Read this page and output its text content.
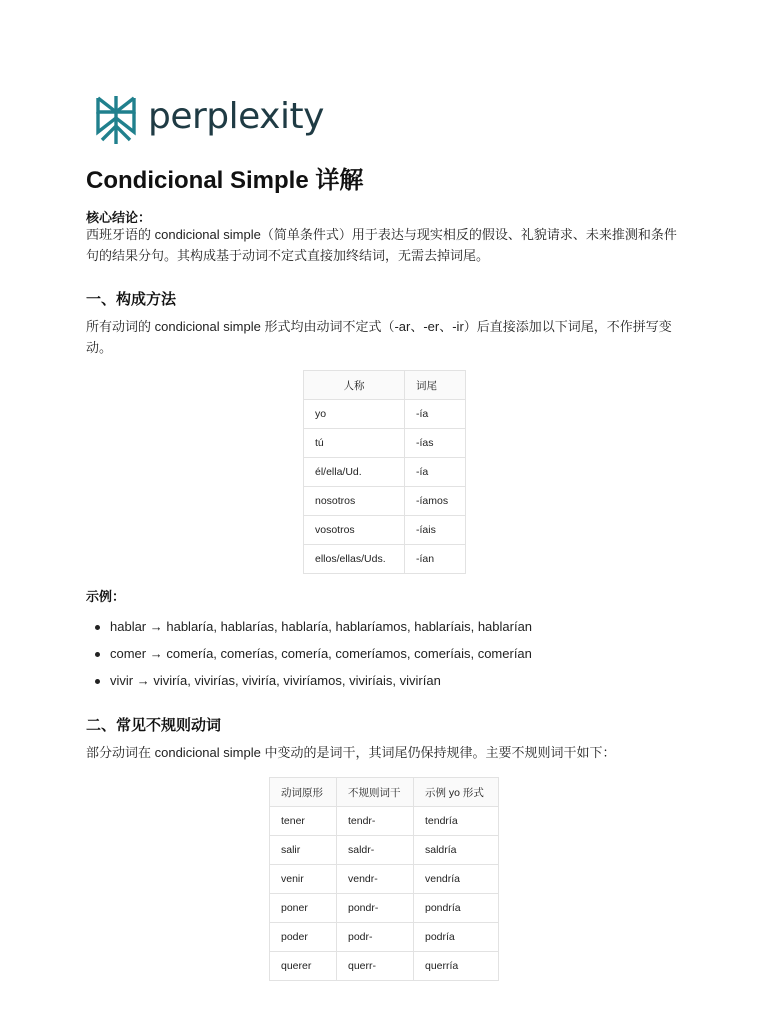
perplexity
Condicional Simple 详解
核心结论：
西班牙语的 condicional simple（简单条件式）用于表达与现实相反的假设、礼貌请求、未来推测和条件句的结果分句。其构成基于动词不定式直接加终结词，无需去掉词尾。
一、构成方法
所有动词的 condicional simple 形式均由动词不定式（-ar、-er、-ir）后直接添加以下词尾，不作拼写变动。
人称	词尾
yo	-ía
tú	-ías
él/ella/Ud.	-ía
nosotros	-íamos
vosotros	-íais
ellos/ellas/Uds.	-ían
示例：
hablar → hablaría, hablarías, hablaría, hablaríamos, hablaríais, hablarían
comer → comería, comerías, comería, comeríamos, comeríais, comerían
vivir → viviría, vivirías, viviría, viviríamos, viviríais, vivirían
二、常见不规则动词
部分动词在 condicional simple 中变动的是词干，其词尾仍保持规律。主要不规则词干如下：
动词原形	不规则词干	示例 yo 形式
tener	tendr-	tendría
salir	saldr-	saldría
venir	vendr-	vendría
poner	pondr-	pondría
poder	podr-	podría
querer	querr-	querría
